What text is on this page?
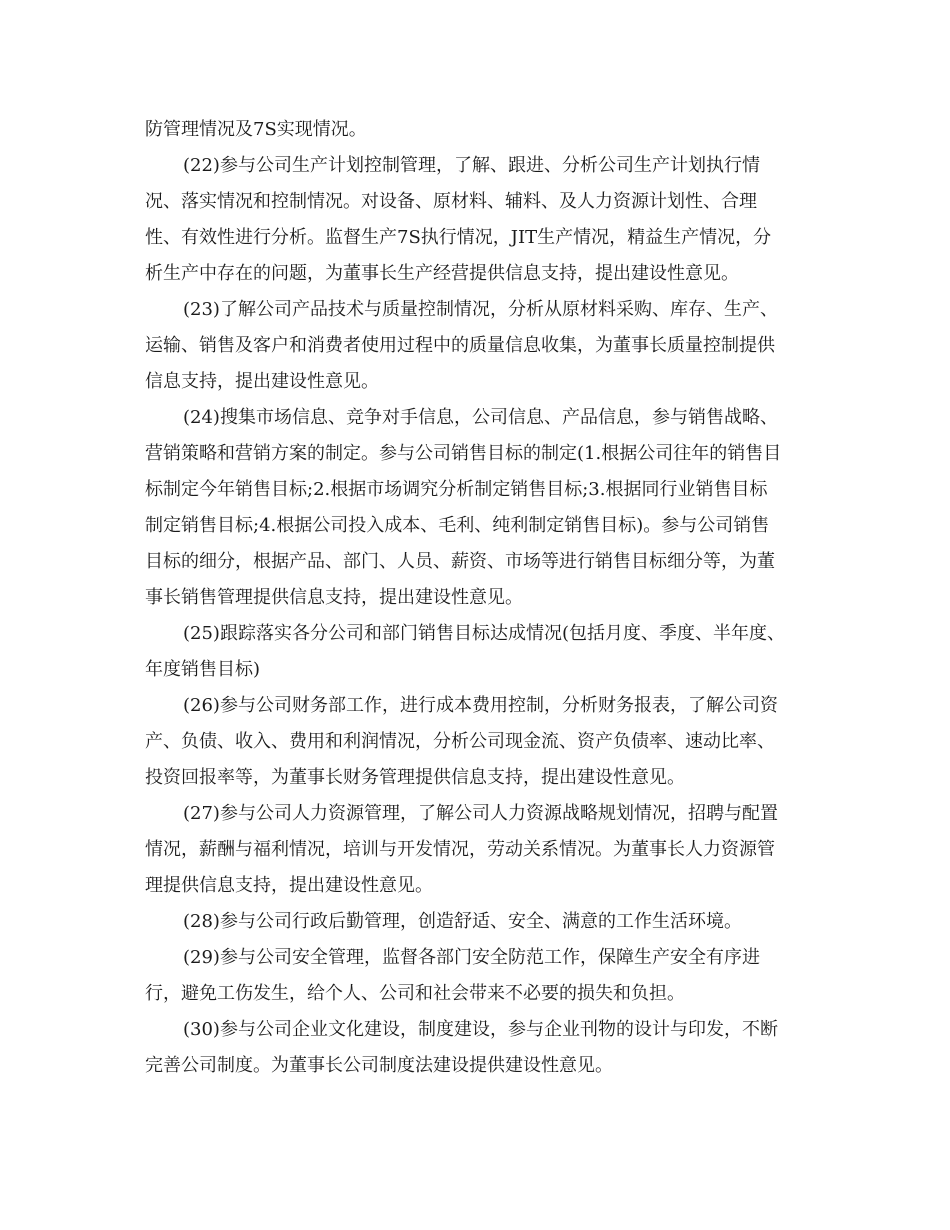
防管理情况及7S实现情况。
(22)参与公司生产计划控制管理，了解、跟进、分析公司生产计划执行情
况、落实情况和控制情况。对设备、原材料、辅料、及人力资源计划性、合理
性、有效性进行分析。监督生产7S执行情况，JIT生产情况，精益生产情况，分
析生产中存在的问题，为董事长生产经营提供信息支持，提出建设性意见。
(23)了解公司产品技术与质量控制情况，分析从原材料采购、库存、生产、
运输、销售及客户和消费者使用过程中的质量信息收集，为董事长质量控制提供
信息支持，提出建设性意见。
(24)搜集市场信息、竞争对手信息，公司信息、产品信息，参与销售战略、
营销策略和营销方案的制定。参与公司销售目标的制定(1.根据公司往年的销售目
标制定今年销售目标;2.根据市场调究分析制定销售目标;3.根据同行业销售目标
制定销售目标;4.根据公司投入成本、毛利、纯利制定销售目标)。参与公司销售
目标的细分，根据产品、部门、人员、薪资、市场等进行销售目标细分等，为董
事长销售管理提供信息支持，提出建设性意见。
(25)跟踪落实各分公司和部门销售目标达成情况(包括月度、季度、半年度、
年度销售目标)
(26)参与公司财务部工作，进行成本费用控制，分析财务报表，了解公司资
产、负债、收入、费用和利润情况，分析公司现金流、资产负债率、速动比率、
投资回报率等，为董事长财务管理提供信息支持，提出建设性意见。
(27)参与公司人力资源管理，了解公司人力资源战略规划情况，招聘与配置
情况，薪酬与福利情况，培训与开发情况，劳动关系情况。为董事长人力资源管
理提供信息支持，提出建设性意见。
(28)参与公司行政后勤管理，创造舒适、安全、满意的工作生活环境。
(29)参与公司安全管理，监督各部门安全防范工作，保障生产安全有序进
行，避免工伤发生，给个人、公司和社会带来不必要的损失和负担。
(30)参与公司企业文化建设，制度建设，参与企业刊物的设计与印发，不断
完善公司制度。为董事长公司制度法建设提供建设性意见。
